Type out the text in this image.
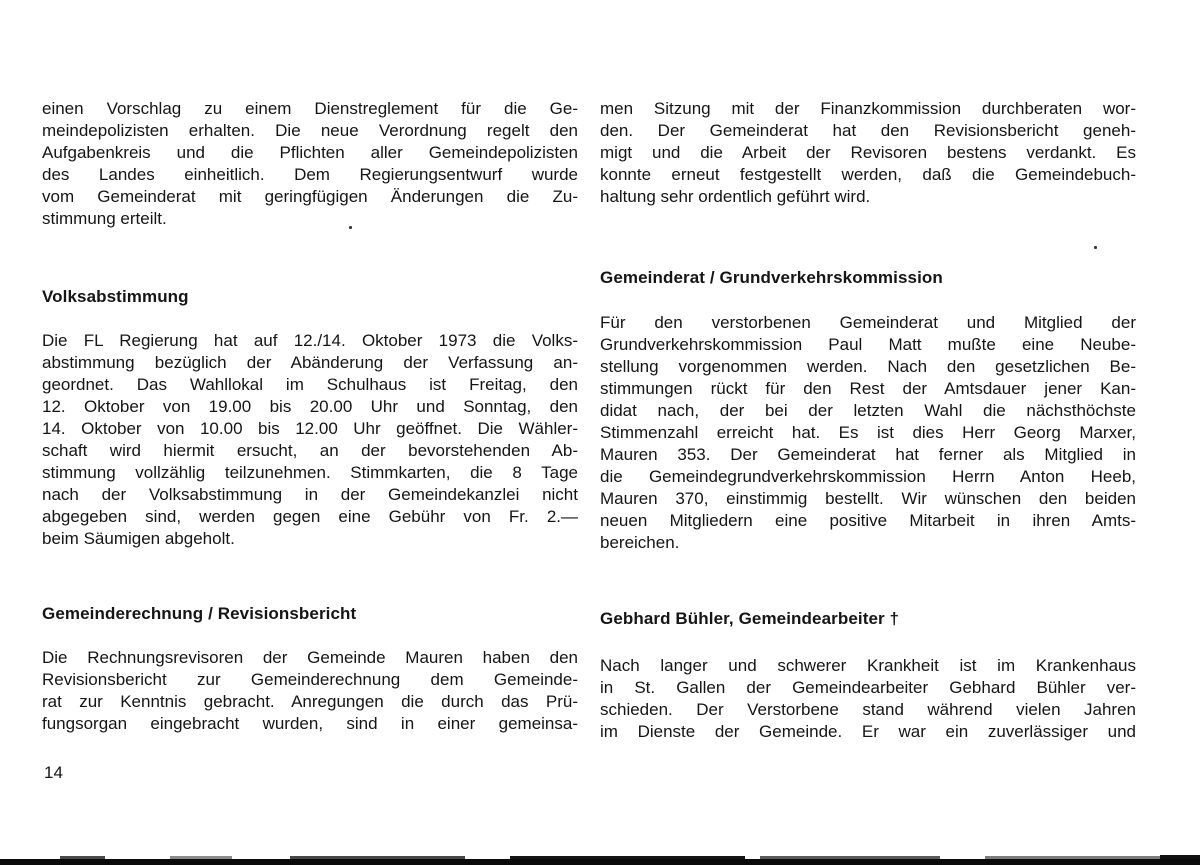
einen Vorschlag zu einem Dienstreglement für die Ge-
meindepolizisten erhalten. Die neue Verordnung regelt den
Aufgabenkreis und die Pflichten aller Gemeindepolizisten
des Landes einheitlich. Dem Regierungsentwurf wurde
vom Gemeinderat mit geringfügigen Änderungen die Zu-
stimmung erteilt.
Volksabstimmung
Die FL Regierung hat auf 12./14. Oktober 1973 die Volks-
abstimmung bezüglich der Abänderung der Verfassung an-
geordnet. Das Wahllokal im Schulhaus ist Freitag, den
12. Oktober von 19.00 bis 20.00 Uhr und Sonntag, den
14. Oktober von 10.00 bis 12.00 Uhr geöffnet. Die Wähler-
schaft wird hiermit ersucht, an der bevorstehenden Ab-
stimmung vollzählig teilzunehmen. Stimmkarten, die 8 Tage
nach der Volksabstimmung in der Gemeindekanzlei nicht
abgegeben sind, werden gegen eine Gebühr von Fr. 2.—
beim Säumigen abgeholt.
Gemeinderechnung / Revisionsbericht
Die Rechnungsrevisoren der Gemeinde Mauren haben den
Revisionsbericht zur Gemeinderechnung dem Gemeinde-
rat zur Kenntnis gebracht. Anregungen die durch das Prü-
fungsorgan eingebracht wurden, sind in einer gemeinsa-
men Sitzung mit der Finanzkommission durchberaten wor-
den. Der Gemeinderat hat den Revisionsbericht geneh-
migt und die Arbeit der Revisoren bestens verdankt. Es
konnte erneut festgestellt werden, daß die Gemeindebuch-
haltung sehr ordentlich geführt wird.
Gemeinderat / Grundverkehrskommission
Für den verstorbenen Gemeinderat und Mitglied der
Grundverkehrskommission Paul Matt mußte eine Neube-
stellung vorgenommen werden. Nach den gesetzlichen Be-
stimmungen rückt für den Rest der Amtsdauer jener Kan-
didat nach, der bei der letzten Wahl die nächsthöchste
Stimmenzahl erreicht hat. Es ist dies Herr Georg Marxer,
Mauren 353. Der Gemeinderat hat ferner als Mitglied in
die Gemeindegrundverkehrskommission Herrn Anton Heeb,
Mauren 370, einstimmig bestellt. Wir wünschen den beiden
neuen Mitgliedern eine positive Mitarbeit in ihren Amts-
bereichen.
Gebhard Bühler, Gemeindearbeiter †
Nach langer und schwerer Krankheit ist im Krankenhaus
in St. Gallen der Gemeindearbeiter Gebhard Bühler ver-
schieden. Der Verstorbene stand während vielen Jahren
im Dienste der Gemeinde. Er war ein zuverlässiger und
14
